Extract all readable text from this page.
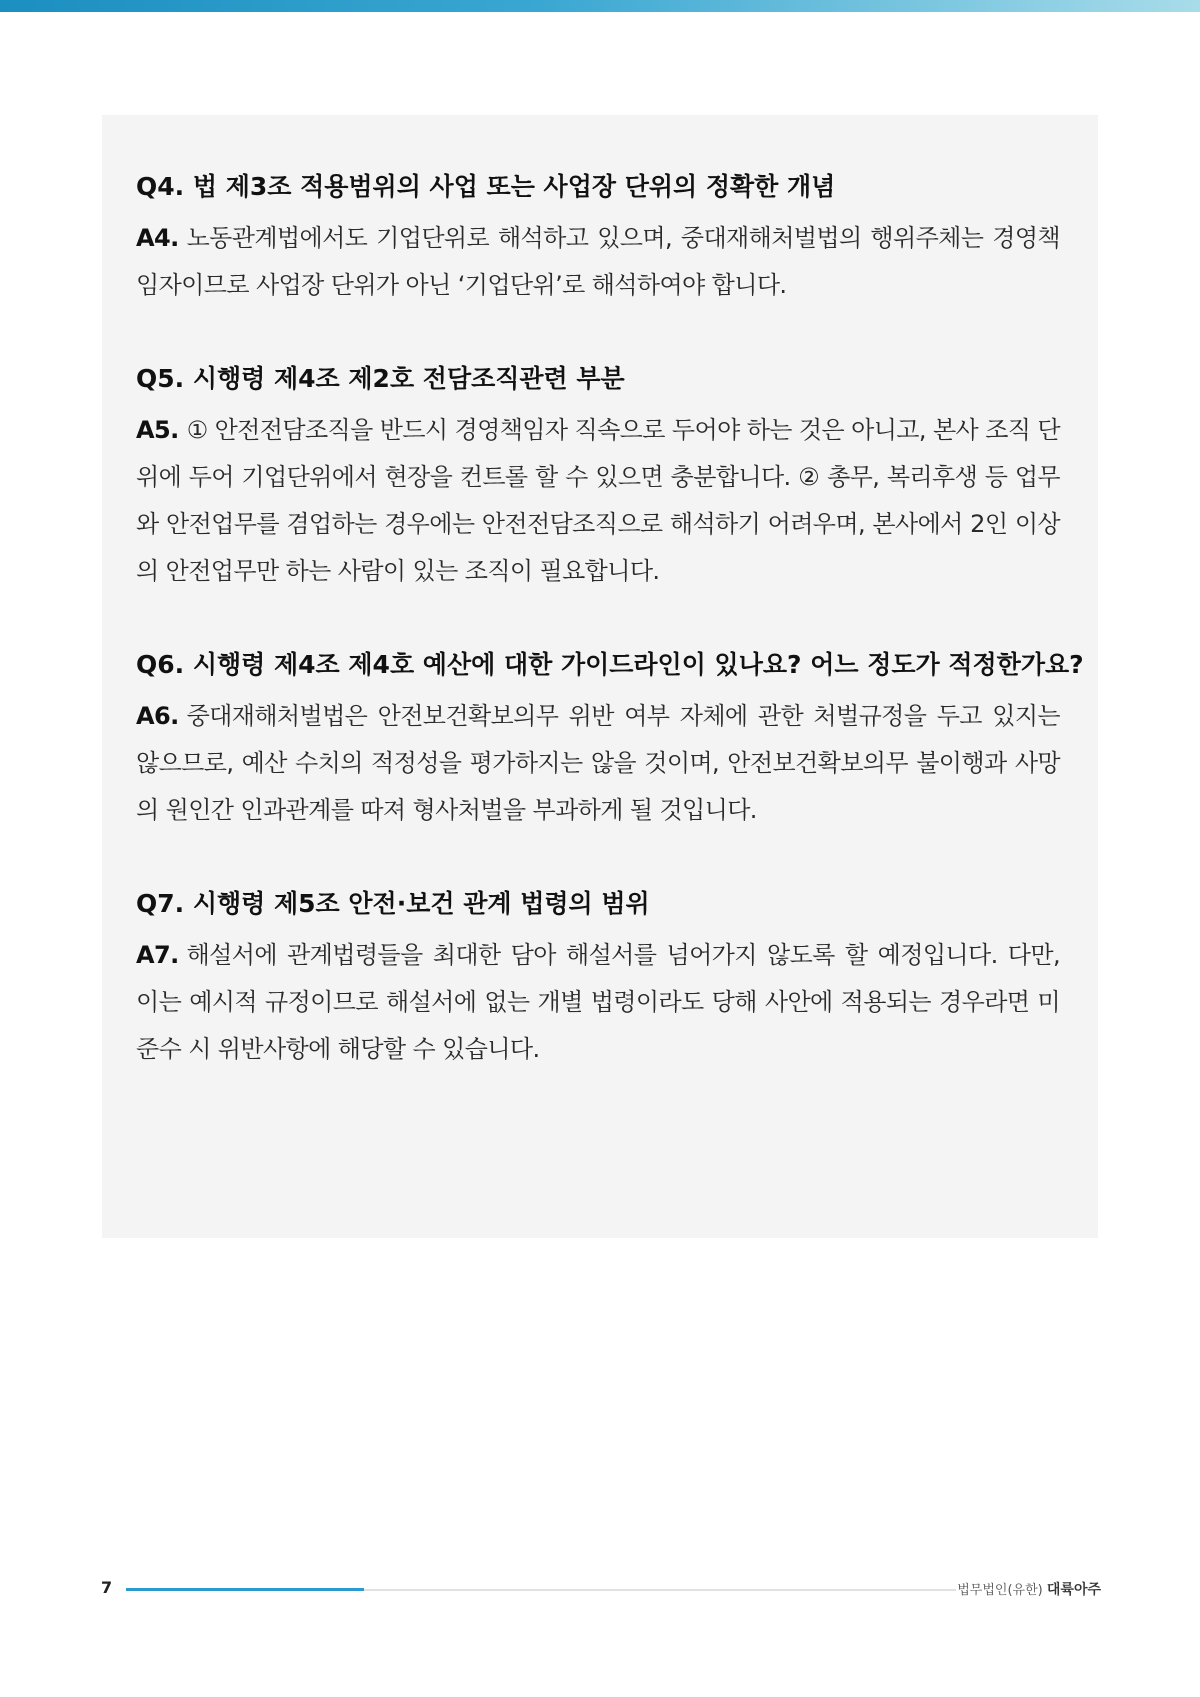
Q4. 법 제3조 적용범위의 사업 또는 사업장 단위의 정확한 개념

A4. 노동관계법에서도 기업단위로 해석하고 있으며, 중대재해처벌법의 행위주체는 경영책임자이므로 사업장 단위가 아닌 ‘기업단위’로 해석하여야 합니다.

Q5. 시행령 제4조 제2호 전담조직관련 부분

A5. ① 안전전담조직을 반드시 경영책임자 직속으로 두어야 하는 것은 아니고, 본사 조직 단위에 두어 기업단위에서 현장을 컨트롤 할 수 있으면 충분합니다. ② 총무, 복리후생 등 업무와 안전업무를 겸업하는 경우에는 안전전담조직으로 해석하기 어려우며, 본사에서 2인 이상의 안전업무만 하는 사람이 있는 조직이 필요합니다.

Q6. 시행령 제4조 제4호 예산에 대한 가이드라인이 있나요? 어느 정도가 적정한가요?

A6. 중대재해처벌법은 안전보건확보의무 위반 여부 자체에 관한 처벌규정을 두고 있지는 않으므로, 예산 수치의 적정성을 평가하지는 않을 것이며, 안전보건확보의무 불이행과 사망의 원인간 인과관계를 따져 형사처벌을 부과하게 될 것입니다.

Q7. 시행령 제5조 안전·보건 관계 법령의 범위

A7. 해설서에 관계법령들을 최대한 담아 해설서를 넘어가지 않도록 할 예정입니다. 다만, 이는 예시적 규정이므로 해설서에 없는 개별 법령이라도 당해 사안에 적용되는 경우라면 미준수 시 위반사항에 해당할 수 있습니다.

7	법무법인(유한) 대륙아주
